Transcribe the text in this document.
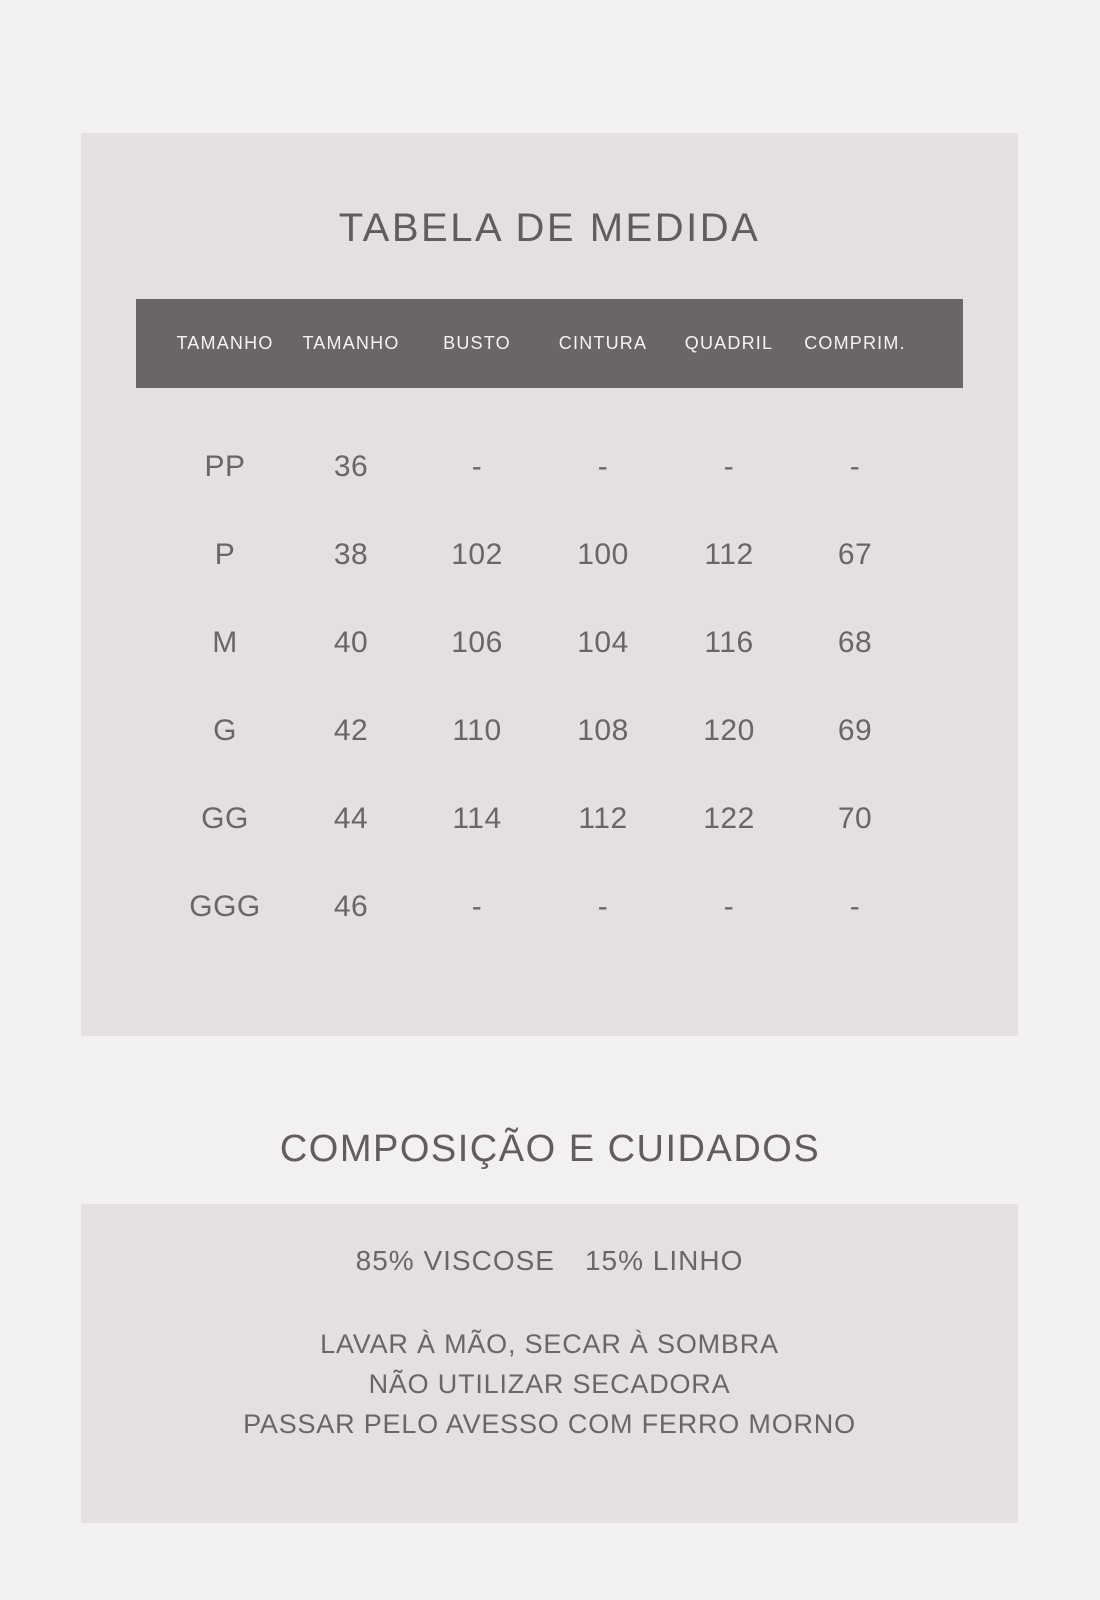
TABELA DE MEDIDA
TAMANHO	TAMANHO	BUSTO	CINTURA	QUADRIL	COMPRIM.
PP	36	-	-	-	-
P	38	102	100	112	67
M	40	106	104	116	68
G	42	110	108	120	69
GG	44	114	112	122	70
GGG	46	-	-	-	-
COMPOSIÇÃO E CUIDADOS

85% VISCOSE 15% LINHO

LAVAR À MÃO, SECAR À SOMBRA

NÃO UTILIZAR SECADORA

PASSAR PELO AVESSO COM FERRO MORNO
